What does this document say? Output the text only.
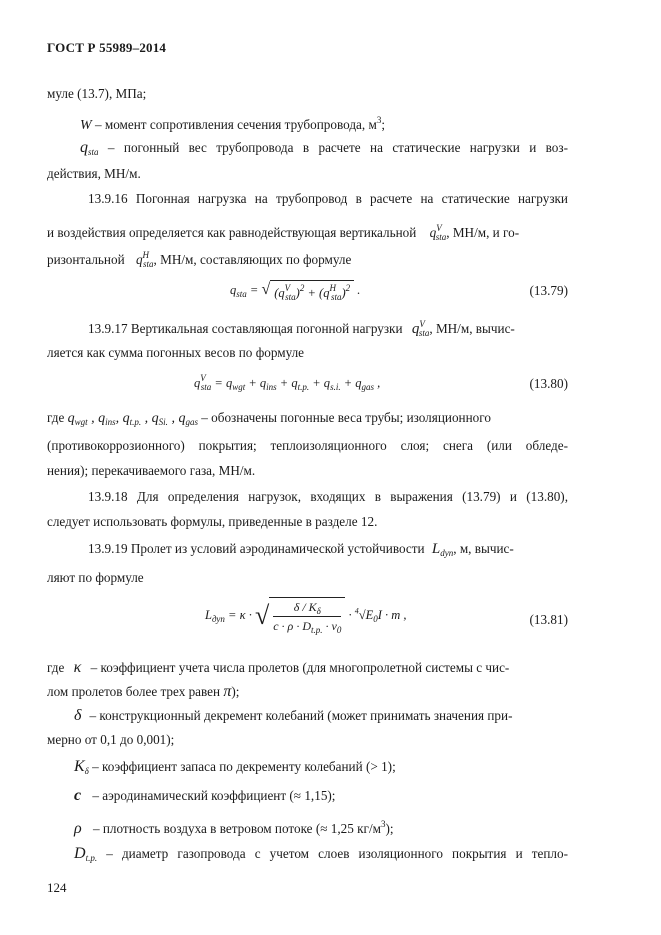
ГОСТ Р 55989–2014
муле (13.7), МПа;
W – момент сопротивления сечения трубопровода, $м^3$;
$q_{sta}$ – погонный вес трубопровода в расчете на статические нагрузки и воз-
действия, МН/м.
13.9.16 Погонная нагрузка на трубопровод в расчете на статические нагрузки
и воздействия определяется как равнодействующая вертикальной $q^V_{sta}$, МН/м, и го-
ризонтальной $q^H_{sta}$, МН/м, составляющих по формуле
$q_{sta}$ = √ $(q^V_{sta})^2 + (q^H_{sta})^2$ .	(13.79)
13.9.17 Вертикальная составляющая погонной нагрузки $q^V_{sta}$, МН/м, вычис-
ляется как сумма погонных весов по формуле
$q^V_{sta} = q_{wgt} + q_{ins} + q_{t.p.} + q_{s.i.} + q_{gas}$ ,	(13.80)
где $q_{wgt}$ , $q_{ins}$, $q_{t.p.}$ , $q_{Si.}$ , $q_{gas}$ – обозначены погонные веса трубы; изоляционного
(противокоррозионного) покрытия; теплоизоляционного слоя; снега (или обледе-
нения); перекачиваемого газа, МН/м.
13.9.18 Для определения нагрузок, входящих в выражения (13.79) и (13.80),
следует использовать формулы, приведенные в разделе 12.
13.9.19 Пролет из условий аэродинамической устойчивости $L_{dyn}$, м, вычис-
ляют по формуле
$L_{дуn} = \kappa$ · √ $\frac{\delta / K_\delta}{c \cdot \rho \cdot D_{t.p.} \cdot v_0} \cdot ^4√E_0I \cdot m$ ,	(13.81)
где κ – коэффициент учета числа пролетов (для многопролетной системы с чис-
лом пролетов более трех равен π);
δ – конструкционный декремент колебаний (может принимать значения при-
мерно от 0,1 до 0,001);
$K_\delta$ – коэффициент запаса по декременту колебаний (> 1);
c – аэродинамический коэффициент (≈ 1,15);
ρ – плотность воздуха в ветровом потоке (≈ 1,25 $кг/м^3$);
$D_{t.p.}$ – диаметр газопровода с учетом слоев изоляционного покрытия и тепло-
124
